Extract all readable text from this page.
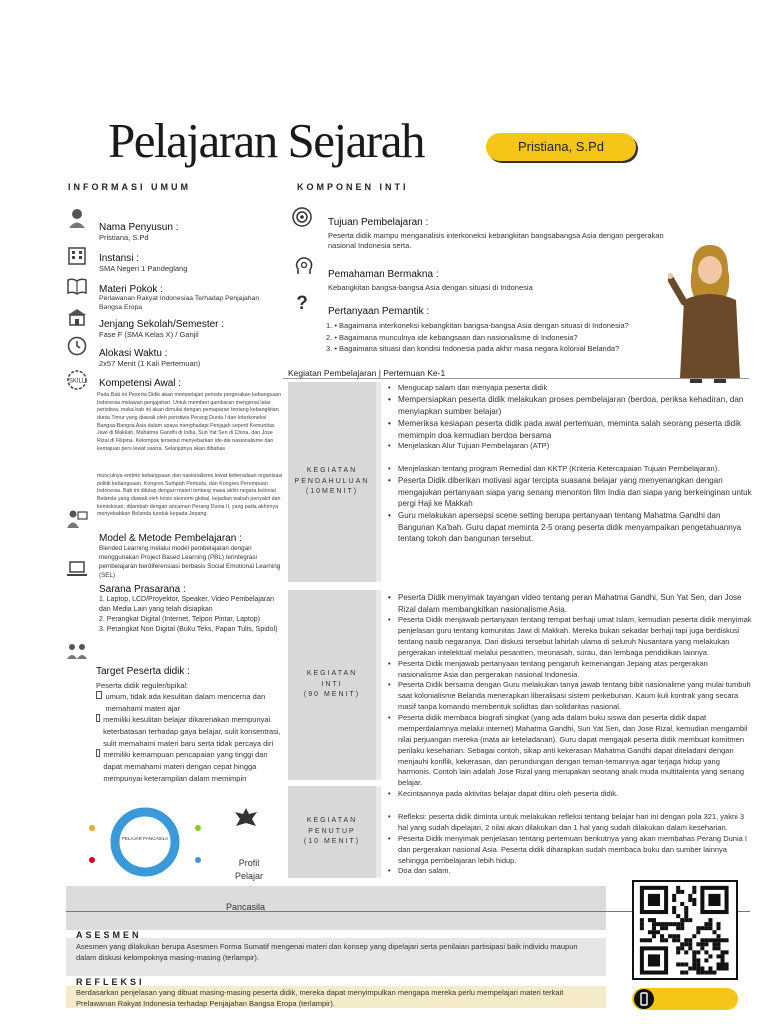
Pelajaran Sejarah	Pristiana, S.Pd
INFORMASI UMUM	KOMPONEN INTI
Nama Penyusun :
Pristiana, S.Pd
Instansi :
SMA Negeri 1 Pandeglang
Materi Pokok :
Perlawanan Rakyat Indonesiaa Terhadap Penjajahan Bangsa Eropa
Jenjang Sekolah/Semester :
Fase F (SMA Kelas X) / Ganjil
Alokasi Waktu :
2x57 Menit (1 Kali Pertemuan)
SKILL Kompetensi Awal :
Pada Bab ini Peserta Didik akan mempelajari periode pergerakan kebangsaan Indonesia melawan penjajahan. Untuk memberi gambaran mengenai latar peristiwa, maka bab ini akan dimulai dengan pemaparan tentang kebangkitan dunia Timur yang diawali oleh peristiwa Perang Dunia I dan Interkoneksi Bangsa-Bangsa Asia dalam upaya menghadapi Penjajah seperti Komunitas Jawi di Makkah, Mahatma Gandhi di India, Sun Yat Sen di China, dan Jose Rizal di Filipina. Kelompok tersebut menyebarkan ide-ide nasionalisme dan kemajuan pers lewat sastra. Selanjutnya akan dibahas
munculnya embrio kebangsaan dan nasionalisme lewat keberadaan organisasi politik kebangsaan, Kongres Sumpah Pemuda, dan Kongres Perempuan Indonesia. Bab ini ditutup dengan materi tentang masa akhir negara kolonial Belanda yang diawali oleh krisis ekonomi global, kejadian wabah penyakit dan kemiskinan, ditambah dengan ancaman Perang Dunia II, yang pada akhirnya menyebabkan Belanda tunduk kepada Jepang.
Model & Metode Pembelajaran :
Blended Learning melalui model pembelajaran dengan menggunakan Project Based Learning (PBL) terintegrasi pembelajaran berdiferensiasi berbasis Social Emotional Learning (SEL)
Sarana Prasarana :
1. Laptop, LCD/Proyektor, Speaker, Video Pembelajaran dan Media Lain yang telah disiapkan
2. Perangkat Digital (Internet, Telpon Pintar, Laptop)
3. Perangkat Non Digital (Buku Teks, Papan Tulis, Spidol)
Target Peserta didik :
Peserta didik reguler/tipikal:
umum, tidak ada kesulitan dalam mencerna dan memahami materi ajar
memiliki kesulitan belajar dikarenakan mempunyai keterbatasan terhadap gaya belajar, sulit konsentrasi, sulit memahami materi baru serta tidak percaya diri
memiliki kemampuan pencapaian yang tinggi dan dapat memahami materi dengan cepat hingga mempunyai keterampilan dalam memimpin
PELAJAR PANCASILA
Profil Pelajar
Tujuan Pembelajaran :
Peserta didik mampu menganalisis interkoneksi kebangkitan bangsabangsa Asia dengan pergerakan nasional Indonesia serta.
Pemahaman Bermakna :
Kebangkitan bangsa-bangsa Asia dengan situasi di Indonesia
?	Pertanyaan Pemantik :
1. • Bagaimana interkoneksi kebangkitan bangsa-bangsa Asia dengan situasi di Indonesia?
2. • Bagaimana munculnya ide kebangsaan dan nasionalisme di Indonesia?
3. • Bagaimana situasi dan kondisi Indonesia pada akhir masa negara kolonial Belanda?
Kegiatan Pembelajaran | Pertemuan Ke-1
KEGIATAN
PENDAHULUAN
(10MENIT)
• Mengucap salam dan menyapa peserta didik
• Mempersiapkan peserta didik melakukan proses pembelajaran (berdoa, periksa kehadiran, dan menyiapkan sumber belajar)
• Memeriksa kesiapan peserta didik pada awal pertemuan, meminta salah seorang peserta didik memimpin doa kemudian berdoa bersama
• Menjelaskan Alur Tujuan Pembelajaran (ATP)
• Menjelaskan tentang program Remedial dan KKTP (Kriteria Ketercapaian Tujuan Pembelajaran).
• Peserta Didik diberikan motivasi agar tercipta suasana belajar yang menyenangkan dengan mengajukan pertanyaan siapa yang senang menonton film India dan siapa yang berkeinginan untuk pergi Haji ke Makkah
• Guru melakukan apersepsi scene setting berupa pertanyaan tentang Mahatma Gandhi dan Bangunan Ka'bah. Guru dapat meminta 2-5 orang peserta didik menyampaikan pengetahuannya tentang tokoh dan bangunan tersebut.
KEGIATAN
INTI
(90 MENIT)
• Peserta Didik menyimak tayangan video tentang peran Mahatma Gandhi, Sun Yat Sen, dan Jose Rizal dalam membangkitkan nasionalisme Asia.
• Peserta Didik menjawab pertanyaan tentang tempat berhaji umat Islam, kemudian peserta didik menyimak penjelasan guru tentang komunitas Jawi di Makkah. Mereka bukan sekadar berhaji tapi juga berdiskusi tentang nasib negaranya. Dari diskusi tersebut lahirlah ulama di seluruh Nusantara yang melakukan pergerakan intelektual melalui pesantren, meunasah, surau, dan lembaga pendidikan lainnya.
• Peserta Didik menjawab pertanyaan tentang pengaruh kemenangan Jepang atas pergerakan nasionalisme Asia dan pergerakan nasional Indonesia.
• Peserta Didik bersama dengan Guru melakukan tanya jawab tentang bibit nasionalime yang mulai tumbuh saat kolonialisme Belanda menerapkan liberalisasi sistem perkebunan. Kaum kuli kontrak yang secara masif tanpa komando membentuk solidtas dan solidaritas nasional.
• Peserta didik membaca biografi singkat (yang ada dalam buku siswa dan peserta didik dapat memperdalamnya melalui internet) Mahatma Gandhi, Sun Yat Sen, dan Jose Rizal, kemudian mengambil nilai perjuangan mereka (mata air keteladanan). Guru dapat mengajak peserta didik membuat komitmen perilaku keseharian. Sebagai contoh, sikap anti kekerasan Mahatma Gandhi dapat diteladani dengan menjauhi konflik, kekerasan, dan perundungan dengan teman-temannya agar terjaga hidup yang harmonis. Contoh lain adalah Jose Rizal yang merupakan seorang anak muda multitalenta yang senang belajar.
• Kecintaannya pada aktivitas belajar dapat ditiru oleh peserta didik.
KEGIATAN
PENUTUP
(10 MENIT)
• Refleksi: peserta didik diminta untuk melakukan refleksi tentang belajar hari ini dengan pola 321, yakni 3 hal yang sudah dipelajari, 2 nilai akan dilakukan dan 1 hal yang sudah dilakukan dalam keseharian.
• Peserta Didik menyimak penjelasan tentang pertemuan berikutnya yang akan membahas Perang Dunia I dan pergerakan nasional Asia. Peserta didik diharapkan sudah membaca buku dan sumber lainnya sehingga pembelajaran lebih hidup.
• Doa dan salam.
Pancasila
ASESMEN
Asesmen yang dilakukan berupa Asesmen Forma Sumatif mengenai materi dan konsep yang dipelajari serta penilaian partisipasi baik individu maupun dalam diskusi kelompoknya masing-masing (terlampir).
REFLEKSI
Berdasarkan penjelasan yang dibuat masing-masing peserta didik, mereka dapat menyimpulkan mengapa mereka perlu mempelajari materi terkait Prelawanan Rakyat Indonesia terhadap Penjajahan Bangsa Eropa (terlampir).
